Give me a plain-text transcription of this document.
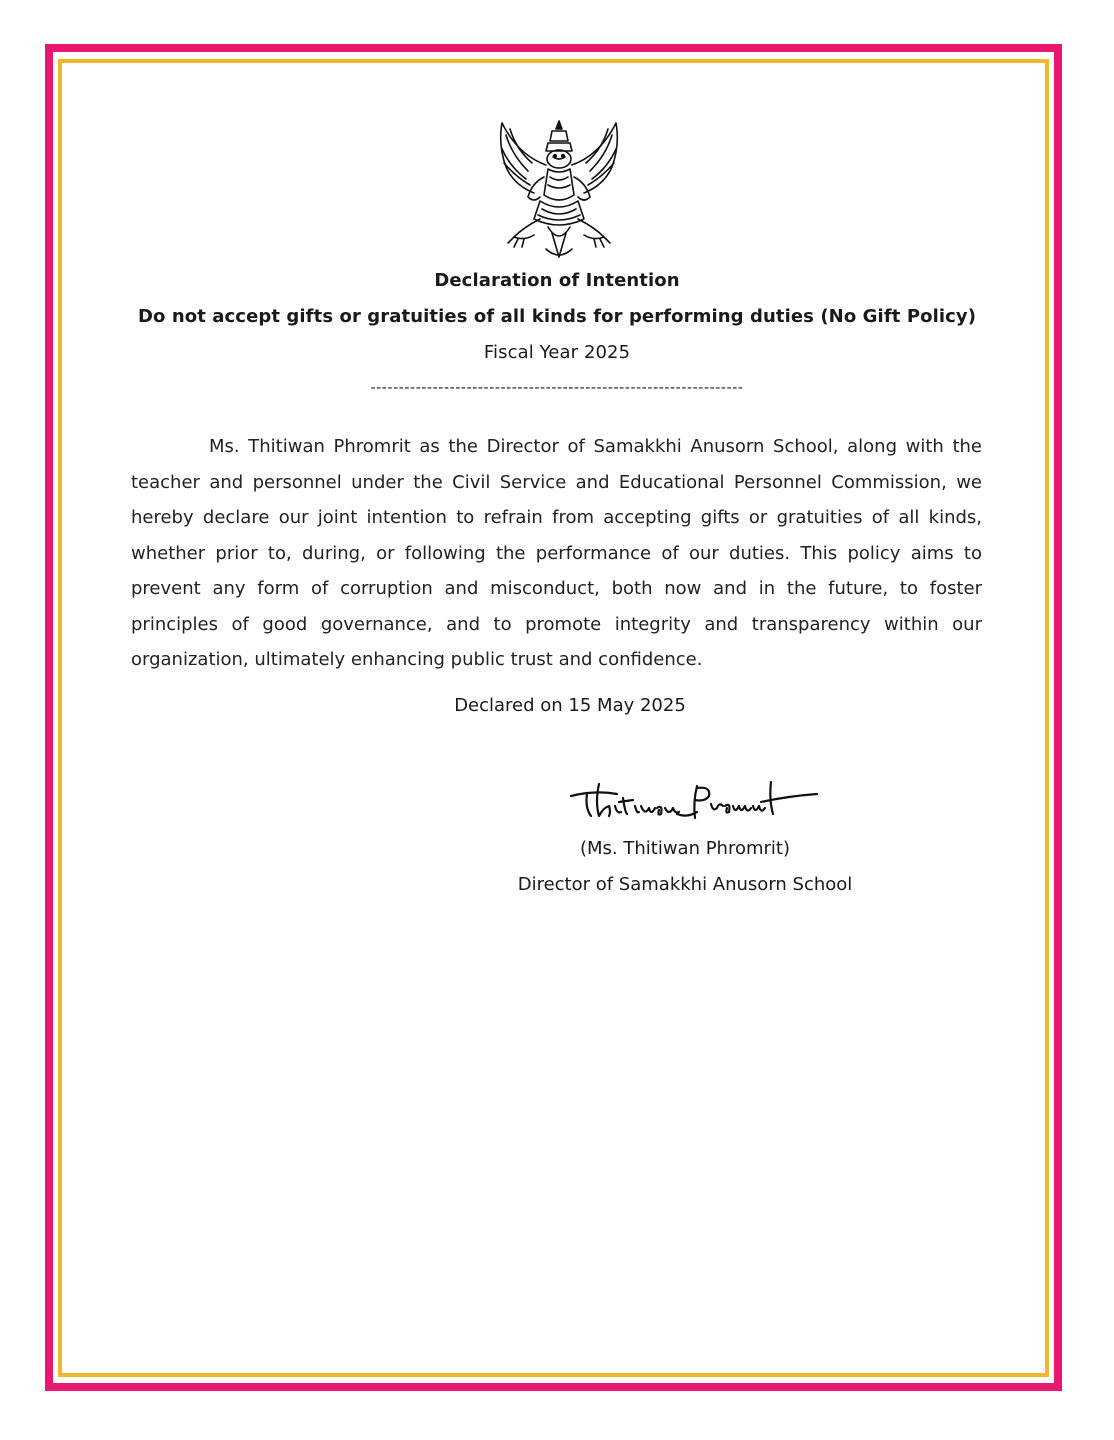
Declaration of Intention

Do not accept gifts or gratuities of all kinds for performing duties (No Gift Policy)

Fiscal Year 2025

------------------------------------------------------------------

Ms. Thitiwan Phromrit as the Director of Samakkhi Anusorn School, along with the teacher and personnel under the Civil Service and Educational Personnel Commission, we hereby declare our joint intention to refrain from accepting gifts or gratuities of all kinds, whether prior to, during, or following the performance of our duties. This policy aims to prevent any form of corruption and misconduct, both now and in the future, to foster principles of good governance, and to promote integrity and transparency within our organization, ultimately enhancing public trust and confidence.

Declared on 15 May 2025

(Ms. Thitiwan Phromrit)

Director of Samakkhi Anusorn School
